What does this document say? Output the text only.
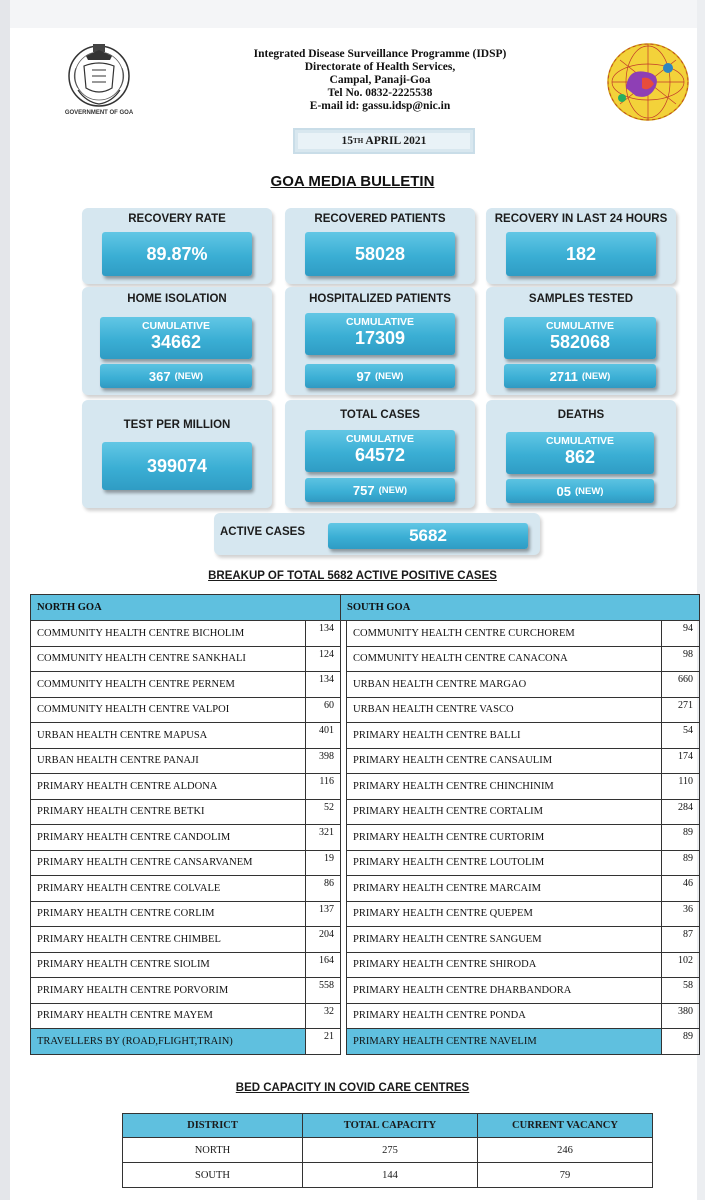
GOVERNMENT OF GOA
Integrated Disease Surveillance Programme (IDSP)
Directorate of Health Services,
Campal, Panaji-Goa
Tel No. 0832-2225538
E-mail id: gassu.idsp@nic.in
15 TH APRIL 2021
GOA MEDIA BULLETIN
RECOVERY RATE
89.87%
RECOVERED PATIENTS
58028
RECOVERY IN LAST 24 HOURS
182
HOME ISOLATION
CUMULATIVE
34662
367 (NEW)
HOSPITALIZED PATIENTS
CUMULATIVE
17309
97 (NEW)
SAMPLES TESTED
CUMULATIVE
582068
2711 (NEW)
TEST PER MILLION
399074
TOTAL CASES
CUMULATIVE
64572
757 (NEW)
DEATHS
CUMULATIVE
862
05 (NEW)
ACTIVE CASES	5682
BREAKUP OF TOTAL 5682 ACTIVE POSITIVE CASES
NORTH GOA		SOUTH GOA		
COMMUNITY HEALTH CENTRE BICHOLIM	134		COMMUNITY HEALTH CENTRE CURCHOREM	94
COMMUNITY HEALTH CENTRE SANKHALI	124		COMMUNITY HEALTH CENTRE CANACONA	98
COMMUNITY HEALTH CENTRE PERNEM	134		URBAN HEALTH CENTRE MARGAO	660
COMMUNITY HEALTH CENTRE VALPOI	60		URBAN HEALTH CENTRE VASCO	271
URBAN HEALTH CENTRE MAPUSA	401		PRIMARY HEALTH CENTRE BALLI	54
URBAN HEALTH CENTRE PANAJI	398		PRIMARY HEALTH CENTRE CANSAULIM	174
PRIMARY HEALTH CENTRE ALDONA	116		PRIMARY HEALTH CENTRE CHINCHINIM	110
PRIMARY HEALTH CENTRE BETKI	52		PRIMARY HEALTH CENTRE CORTALIM	284
PRIMARY HEALTH CENTRE CANDOLIM	321		PRIMARY HEALTH CENTRE CURTORIM	89
PRIMARY HEALTH CENTRE CANSARVANEM	19		PRIMARY HEALTH CENTRE LOUTOLIM	89
PRIMARY HEALTH CENTRE COLVALE	86		PRIMARY HEALTH CENTRE MARCAIM	46
PRIMARY HEALTH CENTRE CORLIM	137		PRIMARY HEALTH CENTRE QUEPEM	36
PRIMARY HEALTH CENTRE CHIMBEL	204		PRIMARY HEALTH CENTRE SANGUEM	87
PRIMARY HEALTH CENTRE SIOLIM	164		PRIMARY HEALTH CENTRE SHIRODA	102
PRIMARY HEALTH CENTRE PORVORIM	558		PRIMARY HEALTH CENTRE DHARBANDORA	58
PRIMARY HEALTH CENTRE MAYEM	32		PRIMARY HEALTH CENTRE PONDA	380
TRAVELLERS BY (ROAD,FLIGHT,TRAIN)	21		PRIMARY HEALTH CENTRE NAVELIM	89
BED CAPACITY IN COVID CARE CENTRES
DISTRICT	TOTAL CAPACITY	CURRENT VACANCY
NORTH	275	246
SOUTH	144	79
